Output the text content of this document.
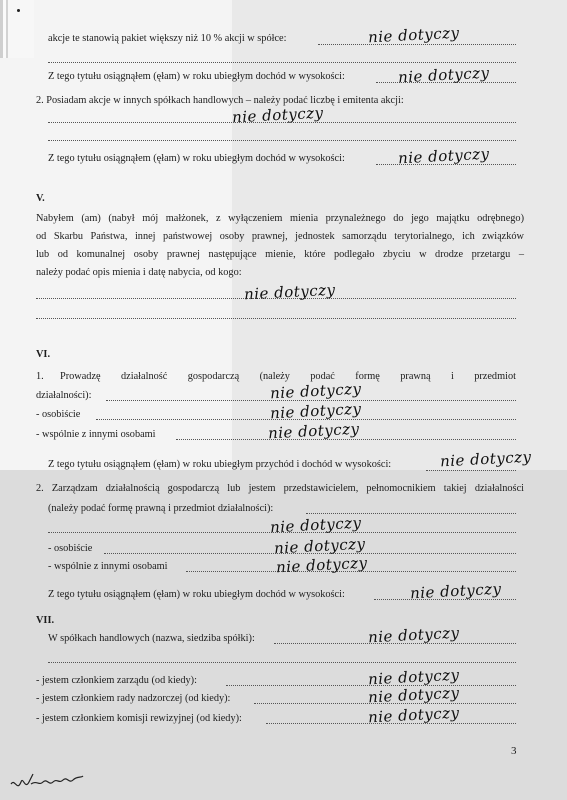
akcje te stanowią pakiet większy niż 10 % akcji w spółce:	nie dotyczy
Z tego tytułu osiągnąłem (ęłam) w roku ubiegłym dochód w wysokości:	nie dotyczy
2. Posiadam akcje w innych spółkach handlowych – należy podać liczbę i emitenta akcji:
nie dotyczy
Z tego tytułu osiągnąłem (ęłam) w roku ubiegłym dochód w wysokości:	nie dotyczy
V.
Nabyłem (am) (nabył mój małżonek, z wyłączeniem mienia przynależnego do jego majątku odrębnego)
od Skarbu Państwa, innej państwowej osoby prawnej, jednostek samorządu terytorialnego, ich związków
lub od komunalnej osoby prawnej następujące mienie, które podlegało zbyciu w drodze przetargu –
należy podać opis mienia i datę nabycia, od kogo:
nie dotyczy
VI.
1. Prowadzę działalność gospodarczą (należy podać formę prawną i przedmiot
działalności):	nie dotyczy
- osobiście	nie dotyczy
- wspólnie z innymi osobami	nie dotyczy
Z tego tytułu osiągnąłem (ęłam) w roku ubiegłym przychód i dochód w wysokości:	nie dotyczy
2. Zarządzam działalnością gospodarczą lub jestem przedstawicielem, pełnomocnikiem takiej działalności
(należy podać formę prawną i przedmiot działalności):
nie dotyczy
- osobiście	nie dotyczy
- wspólnie z innymi osobami	nie dotyczy
Z tego tytułu osiągnąłem (ęłam) w roku ubiegłym dochód w wysokości:	nie dotyczy
VII.
W spółkach handlowych (nazwa, siedziba spółki):	nie dotyczy
- jestem członkiem zarządu (od kiedy):	nie dotyczy
- jestem członkiem rady nadzorczej (od kiedy):	nie dotyczy
- jestem członkiem komisji rewizyjnej (od kiedy):	nie dotyczy
3
